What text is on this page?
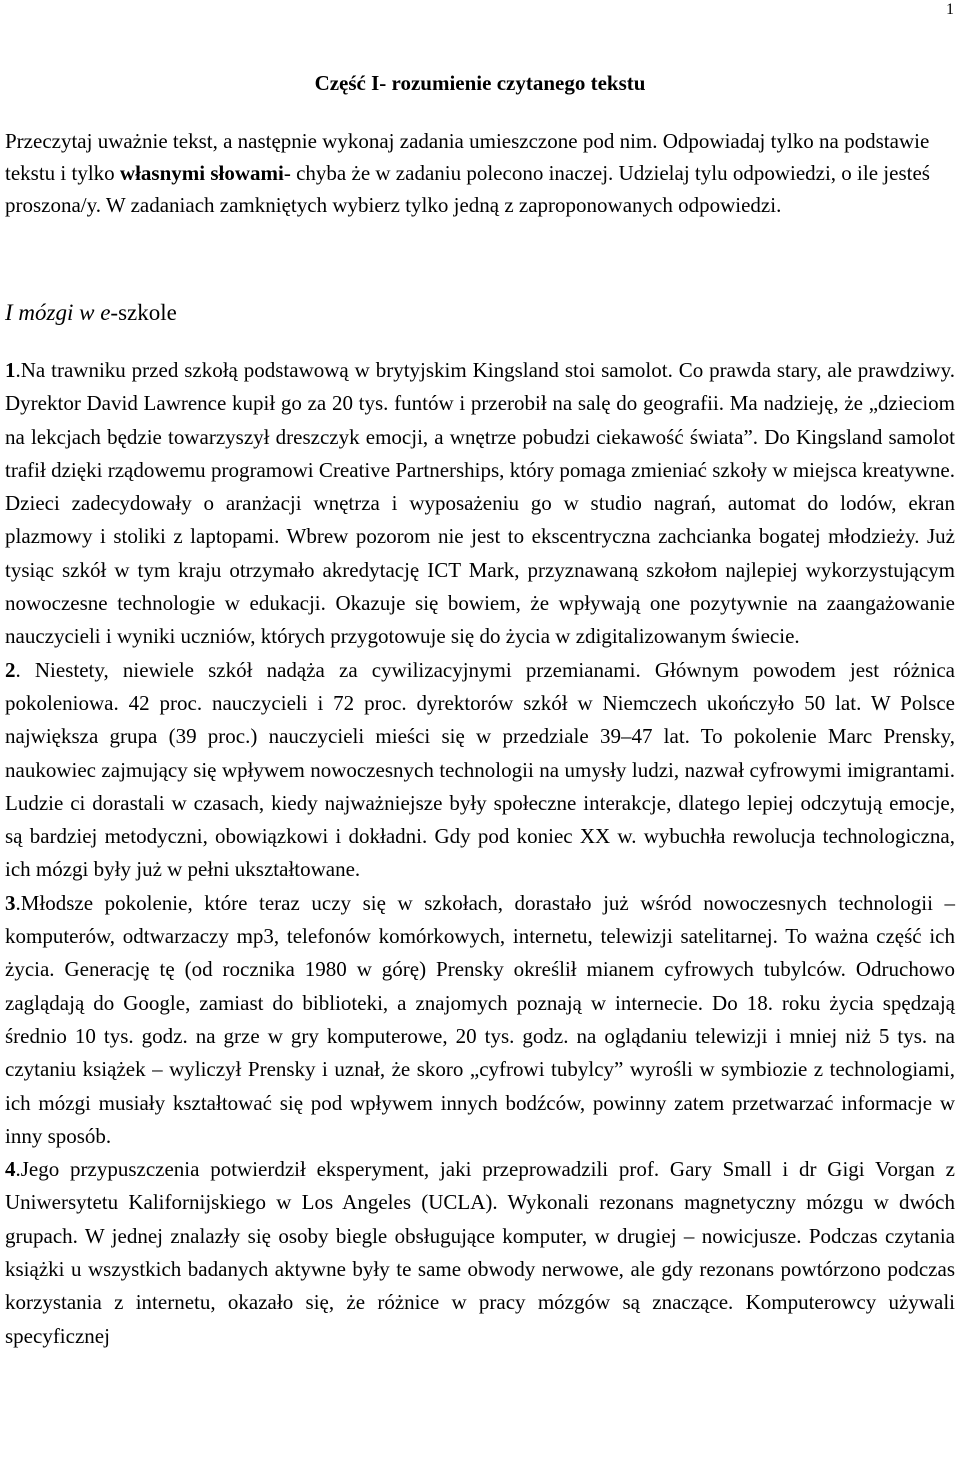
1
Część I- rozumienie czytanego tekstu
Przeczytaj uważnie tekst, a następnie wykonaj zadania umieszczone pod nim. Odpowiadaj tylko na podstawie tekstu i tylko własnymi słowami- chyba że w zadaniu polecono inaczej. Udzielaj tylu odpowiedzi, o ile jesteś proszona/y. W zadaniach zamkniętych wybierz tylko jedną z zaproponowanych odpowiedzi.
I mózgi w e-szkole

1.Na trawniku przed szkołą podstawową w brytyjskim Kingsland stoi samolot. Co prawda stary, ale prawdziwy. Dyrektor David Lawrence kupił go za 20 tys. funtów i przerobił na salę do geografii. Ma nadzieję, że „dzieciom na lekcjach będzie towarzyszył dreszczyk emocji, a wnętrze pobudzi ciekawość świata”. Do Kingsland samolot trafił dzięki rządowemu programowi Creative Partnerships, który pomaga zmieniać szkoły w miejsca kreatywne. Dzieci zadecydowały o aranżacji wnętrza i wyposażeniu go w studio nagrań, automat do lodów, ekran plazmowy i stoliki z laptopami. Wbrew pozorom nie jest to ekscentryczna zachcianka bogatej młodzieży. Już tysiąc szkół w tym kraju otrzymało akredytację ICT Mark, przyznawaną szkołom najlepiej wykorzystującym nowoczesne technologie w edukacji. Okazuje się bowiem, że wpływają one pozytywnie na zaangażowanie nauczycieli i wyniki uczniów, których przygotowuje się do życia w zdigitalizowanym świecie.

2. Niestety, niewiele szkół nadąża za cywilizacyjnymi przemianami. Głównym powodem jest różnica pokoleniowa. 42 proc. nauczycieli i 72 proc. dyrektorów szkół w Niemczech ukończyło 50 lat. W Polsce największa grupa (39 proc.) nauczycieli mieści się w przedziale 39–47 lat. To pokolenie Marc Prensky, naukowiec zajmujący się wpływem nowoczesnych technologii na umysły ludzi, nazwał cyfrowymi imigrantami. Ludzie ci dorastali w czasach, kiedy najważniejsze były społeczne interakcje, dlatego lepiej odczytują emocje, są bardziej metodyczni, obowiązkowi i dokładni. Gdy pod koniec XX w. wybuchła rewolucja technologiczna, ich mózgi były już w pełni ukształtowane.

3.Młodsze pokolenie, które teraz uczy się w szkołach, dorastało już wśród nowoczesnych technologii – komputerów, odtwarzaczy mp3, telefonów komórkowych, internetu, telewizji satelitarnej. To ważna część ich życia. Generację tę (od rocznika 1980 w górę) Prensky określił mianem cyfrowych tubylców. Odruchowo zaglądają do Google, zamiast do biblioteki, a znajomych poznają w internecie. Do 18. roku życia spędzają średnio 10 tys. godz. na grze w gry komputerowe, 20 tys. godz. na oglądaniu telewizji i mniej niż 5 tys. na czytaniu książek – wyliczył Prensky i uznał, że skoro „cyfrowi tubylcy” wyrośli w symbiozie z technologiami, ich mózgi musiały kształtować się pod wpływem innych bodźców, powinny zatem przetwarzać informacje w inny sposób.

4.Jego przypuszczenia potwierdził eksperyment, jaki przeprowadzili prof. Gary Small i dr Gigi Vorgan z Uniwersytetu Kalifornijskiego w Los Angeles (UCLA). Wykonali rezonans magnetyczny mózgu w dwóch grupach. W jednej znalazły się osoby biegle obsługujące komputer, w drugiej – nowicjusze. Podczas czytania książki u wszystkich badanych aktywne były te same obwody nerwowe, ale gdy rezonans powtórzono podczas korzystania z internetu, okazało się, że różnice w pracy mózgów są znaczące. Komputerowcy używali specyficznej
